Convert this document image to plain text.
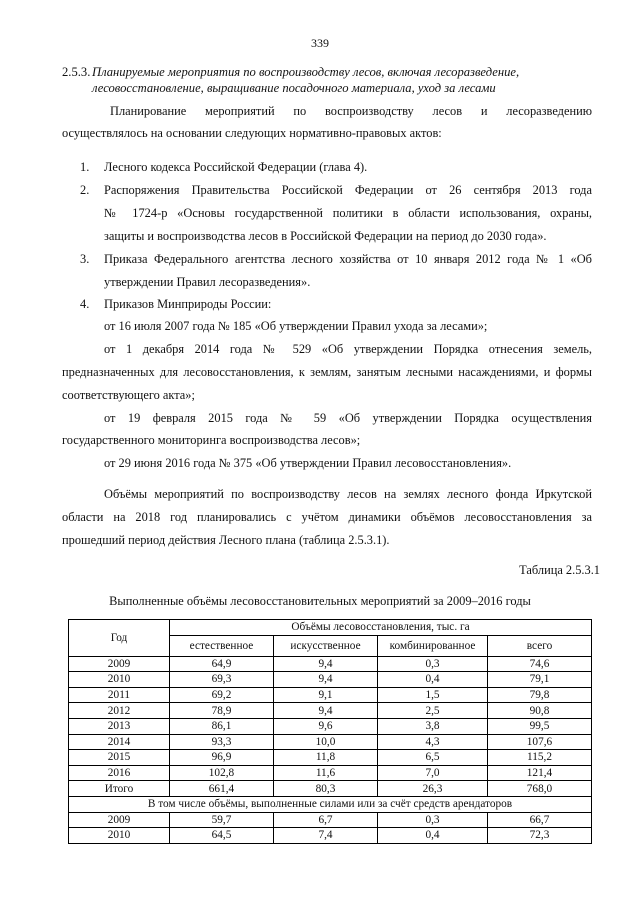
339
2.5.3. Планируемые мероприятия по воспроизводству лесов, включая лесоразведение,
лесовосстановление, выращивание посадочного материала, уход за лесами
Планирование мероприятий по воспроизводству лесов и лесоразведению
осуществлялось на основании следующих нормативно-правовых актов:
1. Лесного кодекса Российской Федерации (глава 4).
2. Распоряжения Правительства Российской Федерации от 26 сентября 2013 года
№ 1724-р «Основы государственной политики в области использования, охраны,
защиты и воспроизводства лесов в Российской Федерации на период до 2030 года».
3. Приказа Федерального агентства лесного хозяйства от 10 января 2012 года № 1 «Об
утверждении Правил лесоразведения».
4. Приказов Минприроды России:
от 16 июля 2007 года № 185 «Об утверждении Правил ухода за лесами»;
от 1 декабря 2014 года № 529 «Об утверждении Порядка отнесения земель,
предназначенных для лесовосстановления, к землям, занятым лесными насаждениями, и формы
соответствующего акта»;
от 19 февраля 2015 года № 59 «Об утверждении Порядка осуществления
государственного мониторинга воспроизводства лесов»;
от 29 июня 2016 года № 375 «Об утверждении Правил лесовосстановления».
Объёмы мероприятий по воспроизводству лесов на землях лесного фонда Иркутской
области на 2018 год планировались с учётом динамики объёмов лесовосстановления за
прошедший период действия Лесного плана (таблица 2.5.3.1).
Таблица 2.5.3.1
Выполненные объёмы лесовосстановительных мероприятий за 2009–2016 годы
Год	Объёмы лесовосстановления, тыс. га			
	естественное	искусственное	комбинированное	всего
2009	64,9	9,4	0,3	74,6
2010	69,3	9,4	0,4	79,1
2011	69,2	9,1	1,5	79,8
2012	78,9	9,4	2,5	90,8
2013	86,1	9,6	3,8	99,5
2014	93,3	10,0	4,3	107,6
2015	96,9	11,8	6,5	115,2
2016	102,8	11,6	7,0	121,4
Итого	661,4	80,3	26,3	768,0
В том числе объёмы, выполненные силами или за счёт средств арендаторов				
2009	59,7	6,7	0,3	66,7
2010	64,5	7,4	0,4	72,3
